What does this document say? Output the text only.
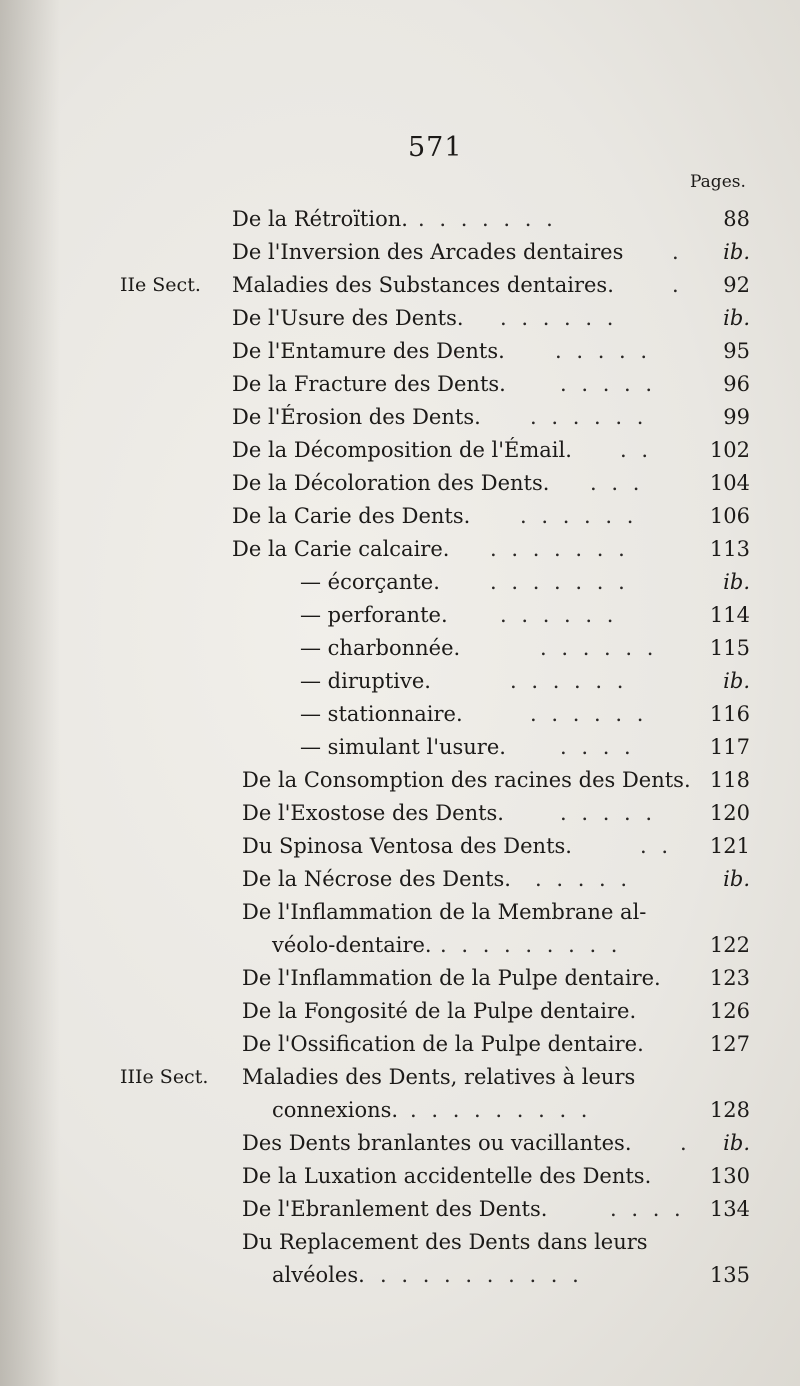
571
Pages.
De la Rétroïtion. . . . . . . .	88
De l'Inversion des Arcades dentaires . ib.
IIe Sect. Maladies des Substances dentaires.	. 92
De l'Usure des Dents. . . . . . .	ib.
De l'Entamure des Dents. . . . . .	95
De la Fracture des Dents.	. . . . .	96
De l'Érosion des Dents. . . . . . .	99
De la Décomposition de l'Émail. . .	102
De la Décoloration des Dents. . . .	104
De la Carie des Dents. . . . . . .	106
De la Carie calcaire. . . . . . . .	113
— écorçante. . . . . . . .	ib.
— perforante. . . . . . .	114
— charbonnée.	. . . . . . 115
— diruptive.	. . . . . .	ib.
— stationnaire.	. . . . . .	116
— simulant l'usure.	. . . .	117
De la Consomption des racines des Dents. 118
De l'Exostose des Dents.	. . . . .	120
Du Spinosa Ventosa des Dents.	. . 121
De la Nécrose des Dents. . . . . .	ib.
De l'Inflammation de la Membrane al-
véolo-dentaire. . . . . . . . . .	122
De l'Inflammation de la Pulpe dentaire. 123
De la Fongosité de la Pulpe dentaire.	126
De l'Ossification de la Pulpe dentaire.	127
IIIe Sect. Maladies des Dents, relatives à leurs
connexions. . . . . . . . . .	128
Des Dents branlantes ou vacillantes. . ib.
De la Luxation accidentelle des Dents.	130
De l'Ebranlement des Dents.	. . . . 134
Du Replacement des Dents dans leurs
alvéoles. . . . . . . . . . .	135
